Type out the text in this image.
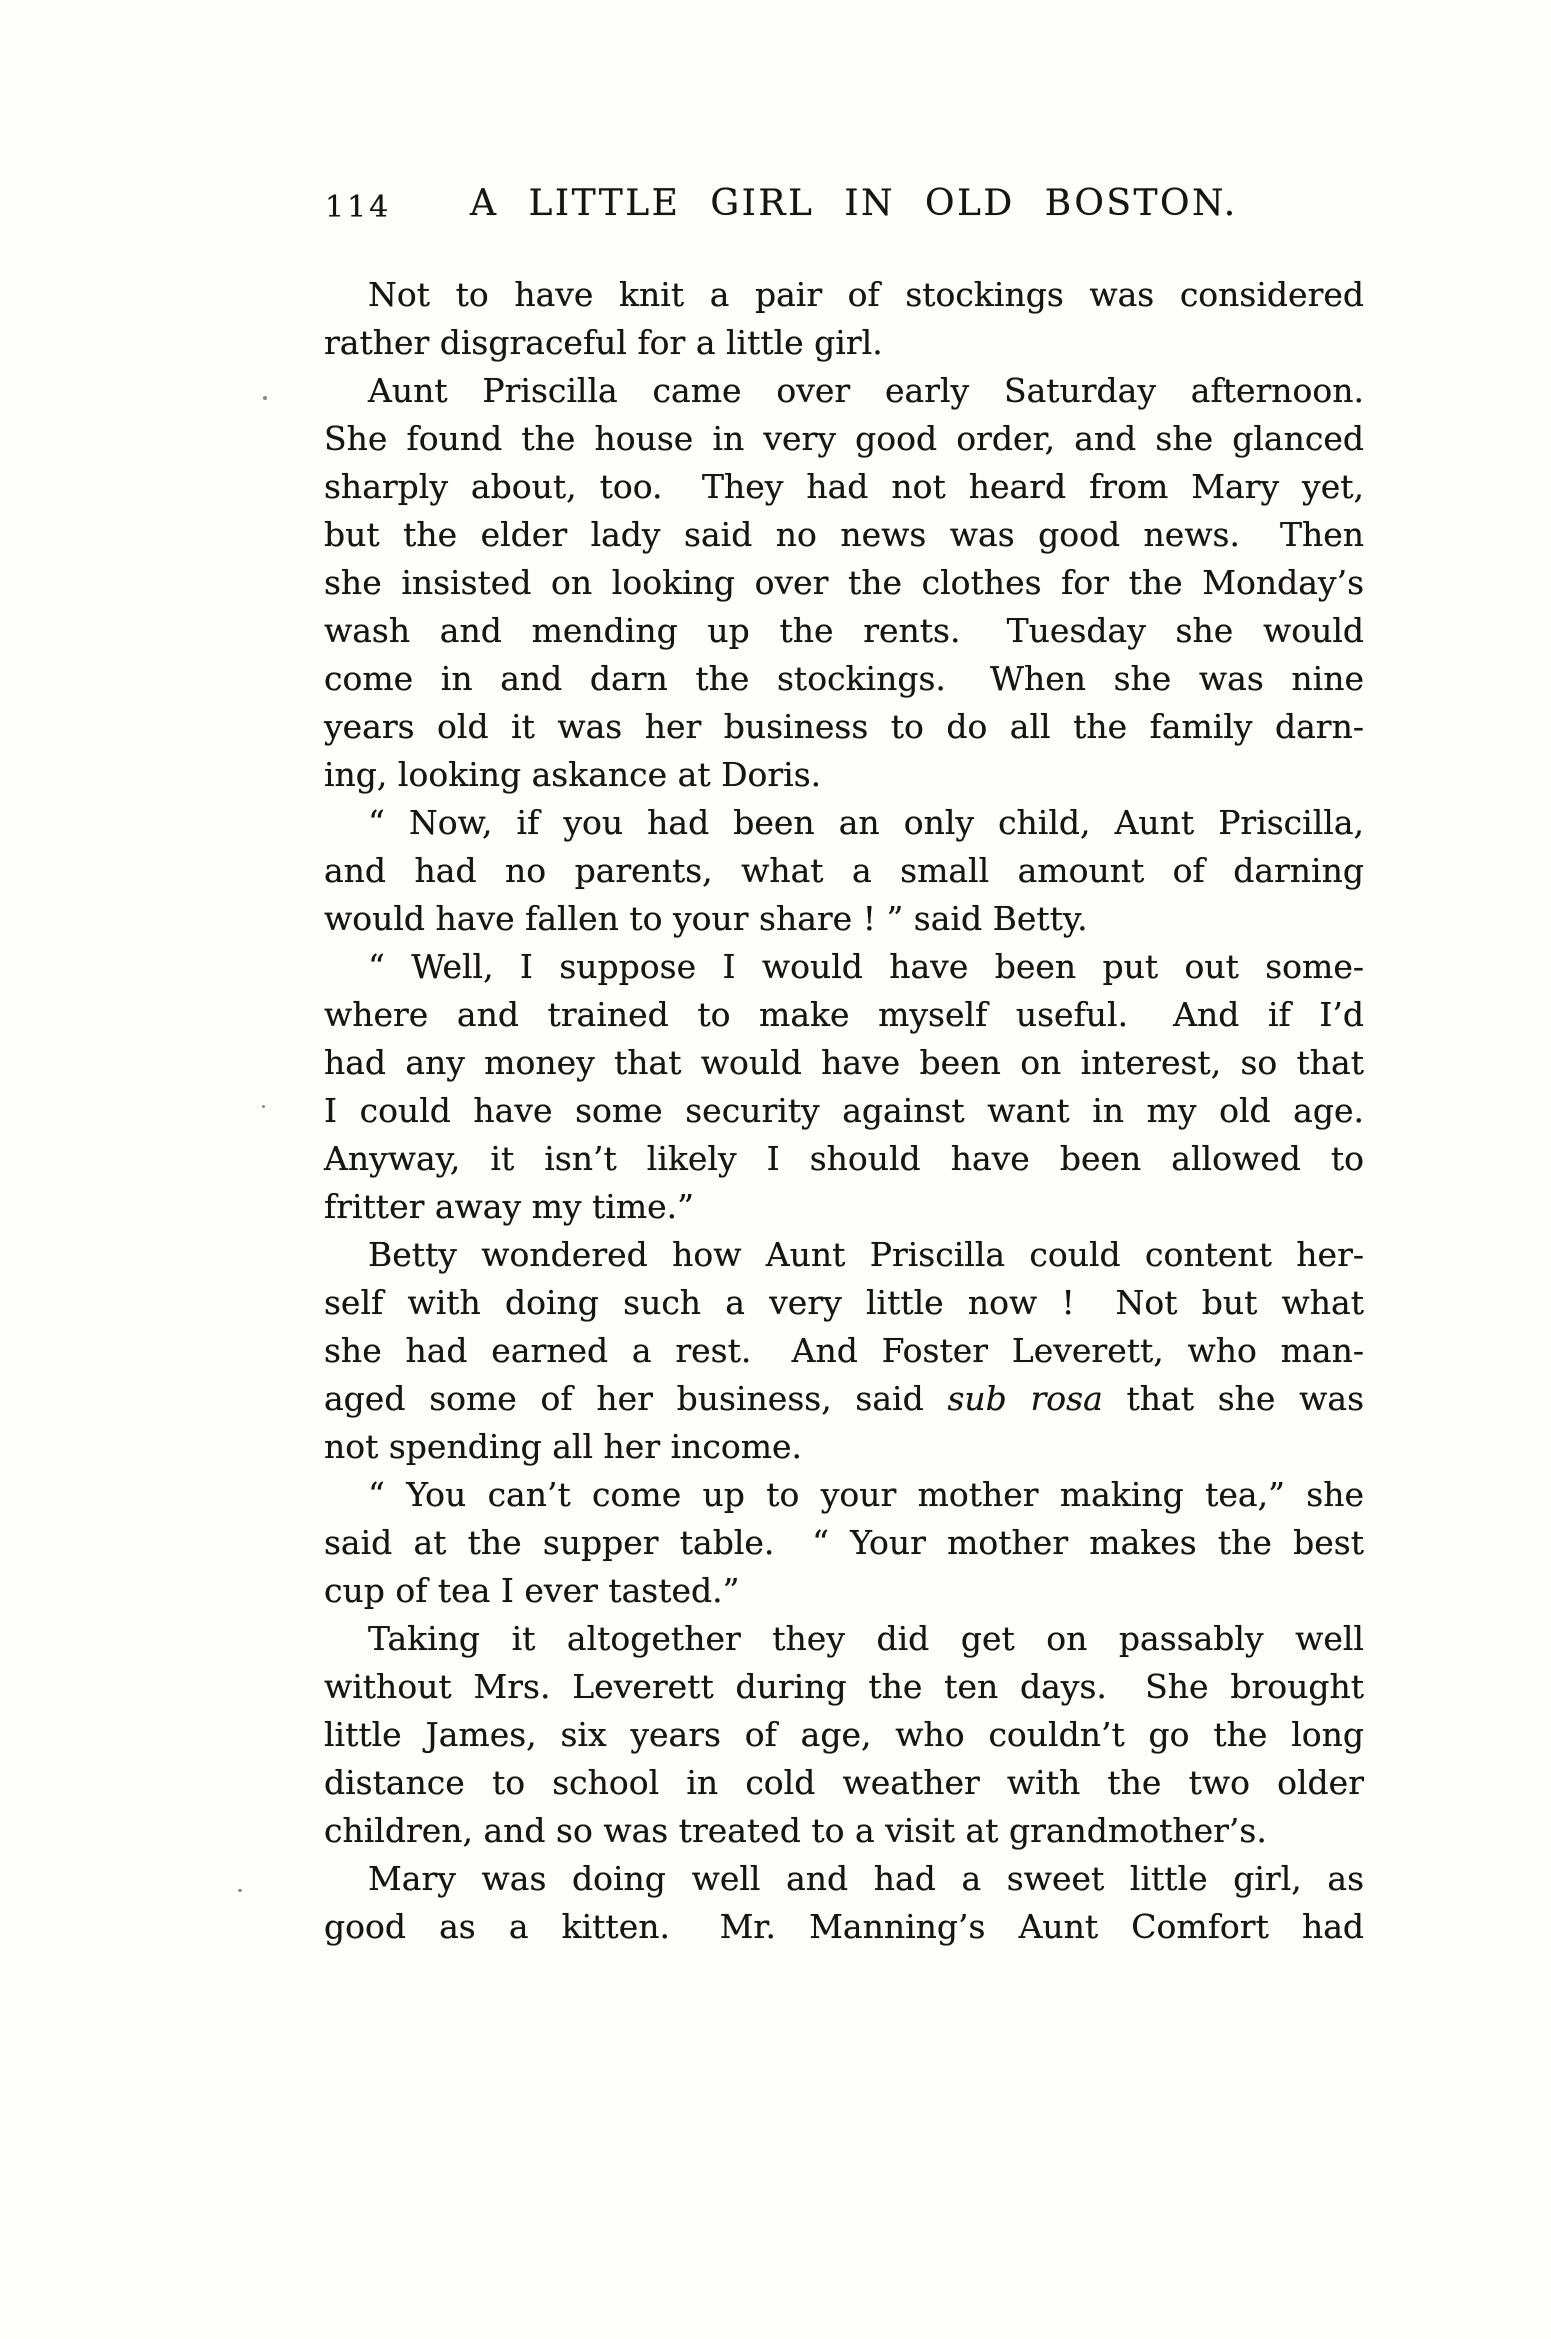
114 A LITTLE GIRL IN OLD BOSTON.
Not to have knit a pair of stockings was considered
rather disgraceful for a little girl.
Aunt Priscilla came over early Saturday afternoon.
She found the house in very good order, and she glanced
sharply about, too.  They had not heard from Mary yet,
but the elder lady said no news was good news.  Then
she insisted on looking over the clothes for the Monday’s
wash and mending up the rents.  Tuesday she would
come in and darn the stockings.  When she was nine
years old it was her business to do all the family darn-
ing, looking askance at Doris.
“ Now, if you had been an only child, Aunt Priscilla,
and had no parents, what a small amount of darning
would have fallen to your share ! ” said Betty.
“ Well, I suppose I would have been put out some-
where and trained to make myself useful.  And if I’d
had any money that would have been on interest, so that
I could have some security against want in my old age.
Anyway, it isn’t likely I should have been allowed to
fritter away my time.”
Betty wondered how Aunt Priscilla could content her-
self with doing such a very little now !  Not but what
she had earned a rest.  And Foster Leverett, who man-
aged some of her business, said sub rosa that she was
not spending all her income.
“ You can’t come up to your mother making tea,” she
said at the supper table.  “ Your mother makes the best
cup of tea I ever tasted.”
Taking it altogether they did get on passably well
without Mrs. Leverett during the ten days.  She brought
little James, six years of age, who couldn’t go the long
distance to school in cold weather with the two older
children, and so was treated to a visit at grandmother’s.
Mary was doing well and had a sweet little girl, as
good as a kitten.  Mr. Manning’s Aunt Comfort had
